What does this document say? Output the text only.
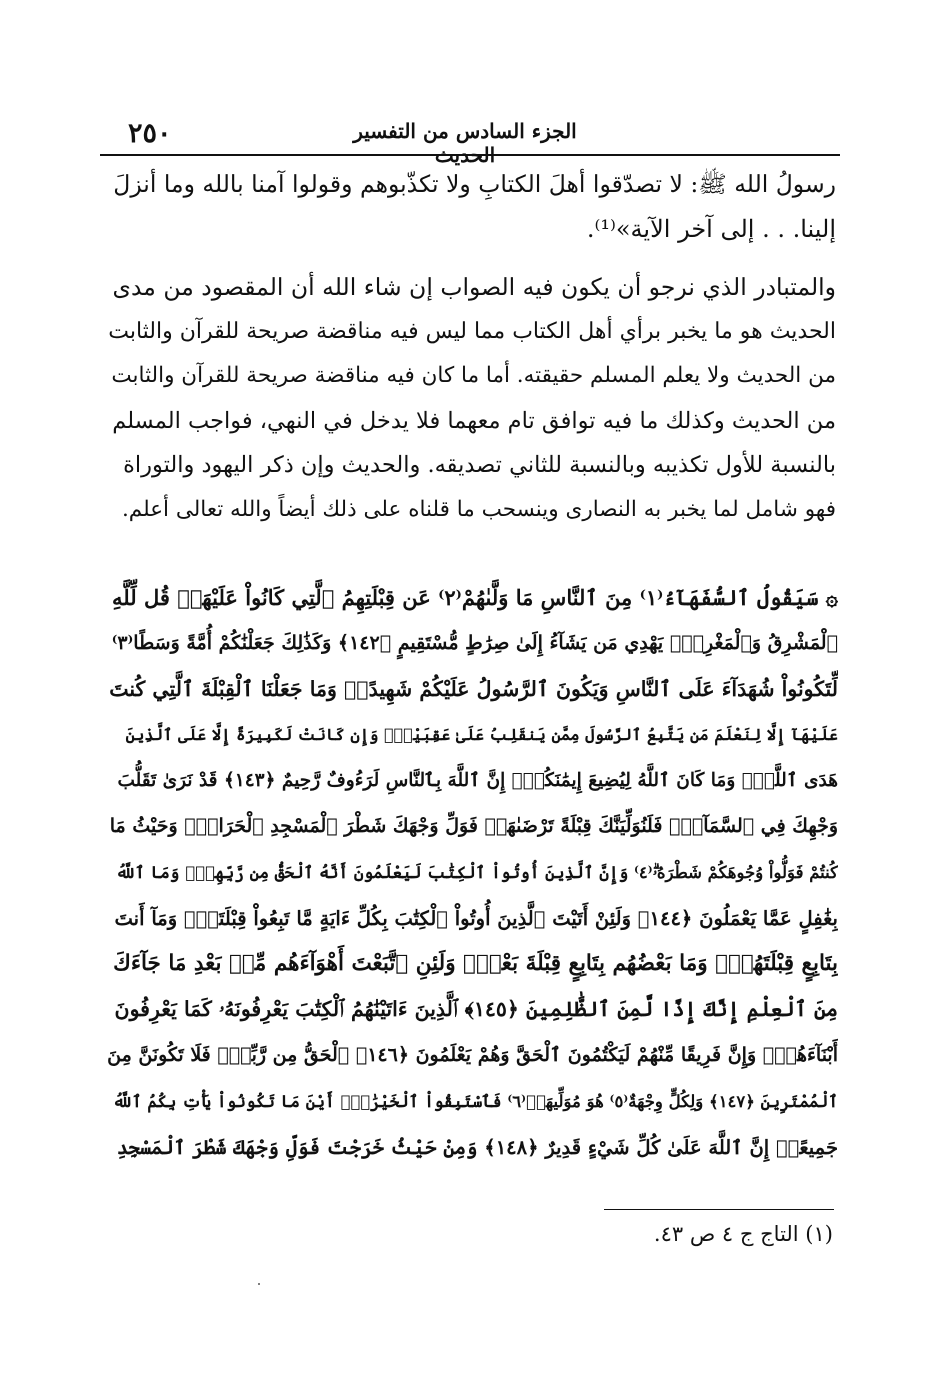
٢٥٠	الجزء السادس من التفسير الحديث
رسولُ الله ﷺ: لا تصدّقوا أهلَ الكتابِ ولا تكذّبوهم وقولوا آمنا بالله وما أنزلَ
إلينا. . . إلى آخر الآية»⁽¹⁾.
والمتبادر الذي نرجو أن يكون فيه الصواب إن شاء الله أن المقصود من مدى
الحديث هو ما يخبر برأي أهل الكتاب مما ليس فيه مناقضة صريحة للقرآن والثابت
من الحديث ولا يعلم المسلم حقيقته. أما ما كان فيه مناقضة صريحة للقرآن والثابت
من الحديث وكذلك ما فيه توافق تام معهما فلا يدخل في النهي، فواجب المسلم
بالنسبة للأول تكذيبه وبالنسبة للثاني تصديقه. والحديث وإن ذكر اليهود والتوراة
فهو شامل لما يخبر به النصارى وينسحب ما قلناه على ذلك أيضاً والله تعالى أعلم.
۞ سَيَقُولُ ٱلسُّفَهَآءُ⁽١⁾ مِنَ ٱلنَّاسِ مَا وَلَّىٰهُمْ⁽٢⁾ عَن قِبْلَتِهِمُ ٱلَّتِي كَانُواْ عَلَيْهَاۚ قُل لِّلَّهِ
ٱلْمَشْرِقُ وَٱلْمَغْرِبُۚ يَهْدِي مَن يَشَآءُ إِلَىٰ صِرَٰطٍ مُّسْتَقِيمٍ ﴿١٤٢﴾ وَكَذَٰلِكَ جَعَلْنَٰكُمْ أُمَّةً وَسَطًا⁽٣⁾
لِّتَكُونُواْ شُهَدَآءَ عَلَى ٱلنَّاسِ وَيَكُونَ ٱلرَّسُولُ عَلَيْكُمْ شَهِيدًاۗ وَمَا جَعَلْنَا ٱلْقِبْلَةَ ٱلَّتِي كُنتَ
عَلَيْهَآ إِلَّا لِنَعْلَمَ مَن يَتَّبِعُ ٱلرَّسُولَ مِمَّن يَنقَلِبُ عَلَىٰ عَقِبَيْهِۚ وَإِن كَانَتْ لَكَبِيرَةً إِلَّا عَلَى ٱلَّذِينَ
هَدَى ٱللَّهُۗ وَمَا كَانَ ٱللَّهُ لِيُضِيعَ إِيمَٰنَكُمْۚ إِنَّ ٱللَّهَ بِٱلنَّاسِ لَرَءُوفٌ رَّحِيمٌ ﴿١٤٣﴾ قَدْ نَرَىٰ تَقَلُّبَ
وَجْهِكَ فِي ٱلسَّمَآءِۖ فَلَنُوَلِّيَنَّكَ قِبْلَةً تَرْضَىٰهَاۚ فَوَلِّ وَجْهَكَ شَطْرَ ٱلْمَسْجِدِ ٱلْحَرَامِۚ وَحَيْثُ مَا
كُنتُمْ فَوَلُّواْ وُجُوهَكُمْ شَطْرَهُۥۗ⁽٤⁾ وَإِنَّ ٱلَّذِينَ أُوتُواْ ٱلْكِتَٰبَ لَيَعْلَمُونَ أَنَّهُ ٱلْحَقُّ مِن رَّبِّهِمْۗ وَمَا ٱللَّهُ
بِغَٰفِلٍ عَمَّا يَعْمَلُونَ ﴿١٤٤﴾ وَلَئِنْ أَتَيْتَ ٱلَّذِينَ أُوتُواْ ٱلْكِتَٰبَ بِكُلِّ ءَايَةٍ مَّا تَبِعُواْ قِبْلَتَكَۚ وَمَآ أَنتَ
بِتَابِعٍ قِبْلَتَهُمْۚ وَمَا بَعْضُهُم بِتَابِعٍ قِبْلَةَ بَعْضٍۚ وَلَئِنِ ٱتَّبَعْتَ أَهْوَآءَهُم مِّنۢ بَعْدِ مَا جَآءَكَ
مِنَ ٱلْعِلْمِ إِنَّكَ إِذًا لَّمِنَ ٱلظَّٰلِمِينَ ﴿١٤٥﴾ ٱلَّذِينَ ءَاتَيْنَٰهُمُ ٱلْكِتَٰبَ يَعْرِفُونَهُۥ كَمَا يَعْرِفُونَ
أَبْنَآءَهُمْۖ وَإِنَّ فَرِيقًا مِّنْهُمْ لَيَكْتُمُونَ ٱلْحَقَّ وَهُمْ يَعْلَمُونَ ﴿١٤٦﴾ ٱلْحَقُّ مِن رَّبِّكَۖ فَلَا تَكُونَنَّ مِنَ
ٱلْمُمْتَرِينَ ﴿١٤٧﴾ وَلِكُلٍّ وِجْهَةٌ⁽٥⁾ هُوَ مُوَلِّيهَاۖ⁽٦⁾ فَٱسْتَبِقُواْ ٱلْخَيْرَٰتِۚ أَيْنَ مَا تَكُونُواْ يَأْتِ بِكُمُ ٱللَّهُ
جَمِيعًاۚ إِنَّ ٱللَّهَ عَلَىٰ كُلِّ شَيْءٍ قَدِيرٌ ﴿١٤٨﴾ وَمِنْ حَيْثُ خَرَجْتَ فَوَلِّ وَجْهَكَ شَطْرَ ٱلْمَسْجِدِ
(١) التاج ج ٤ ص ٤٣.
